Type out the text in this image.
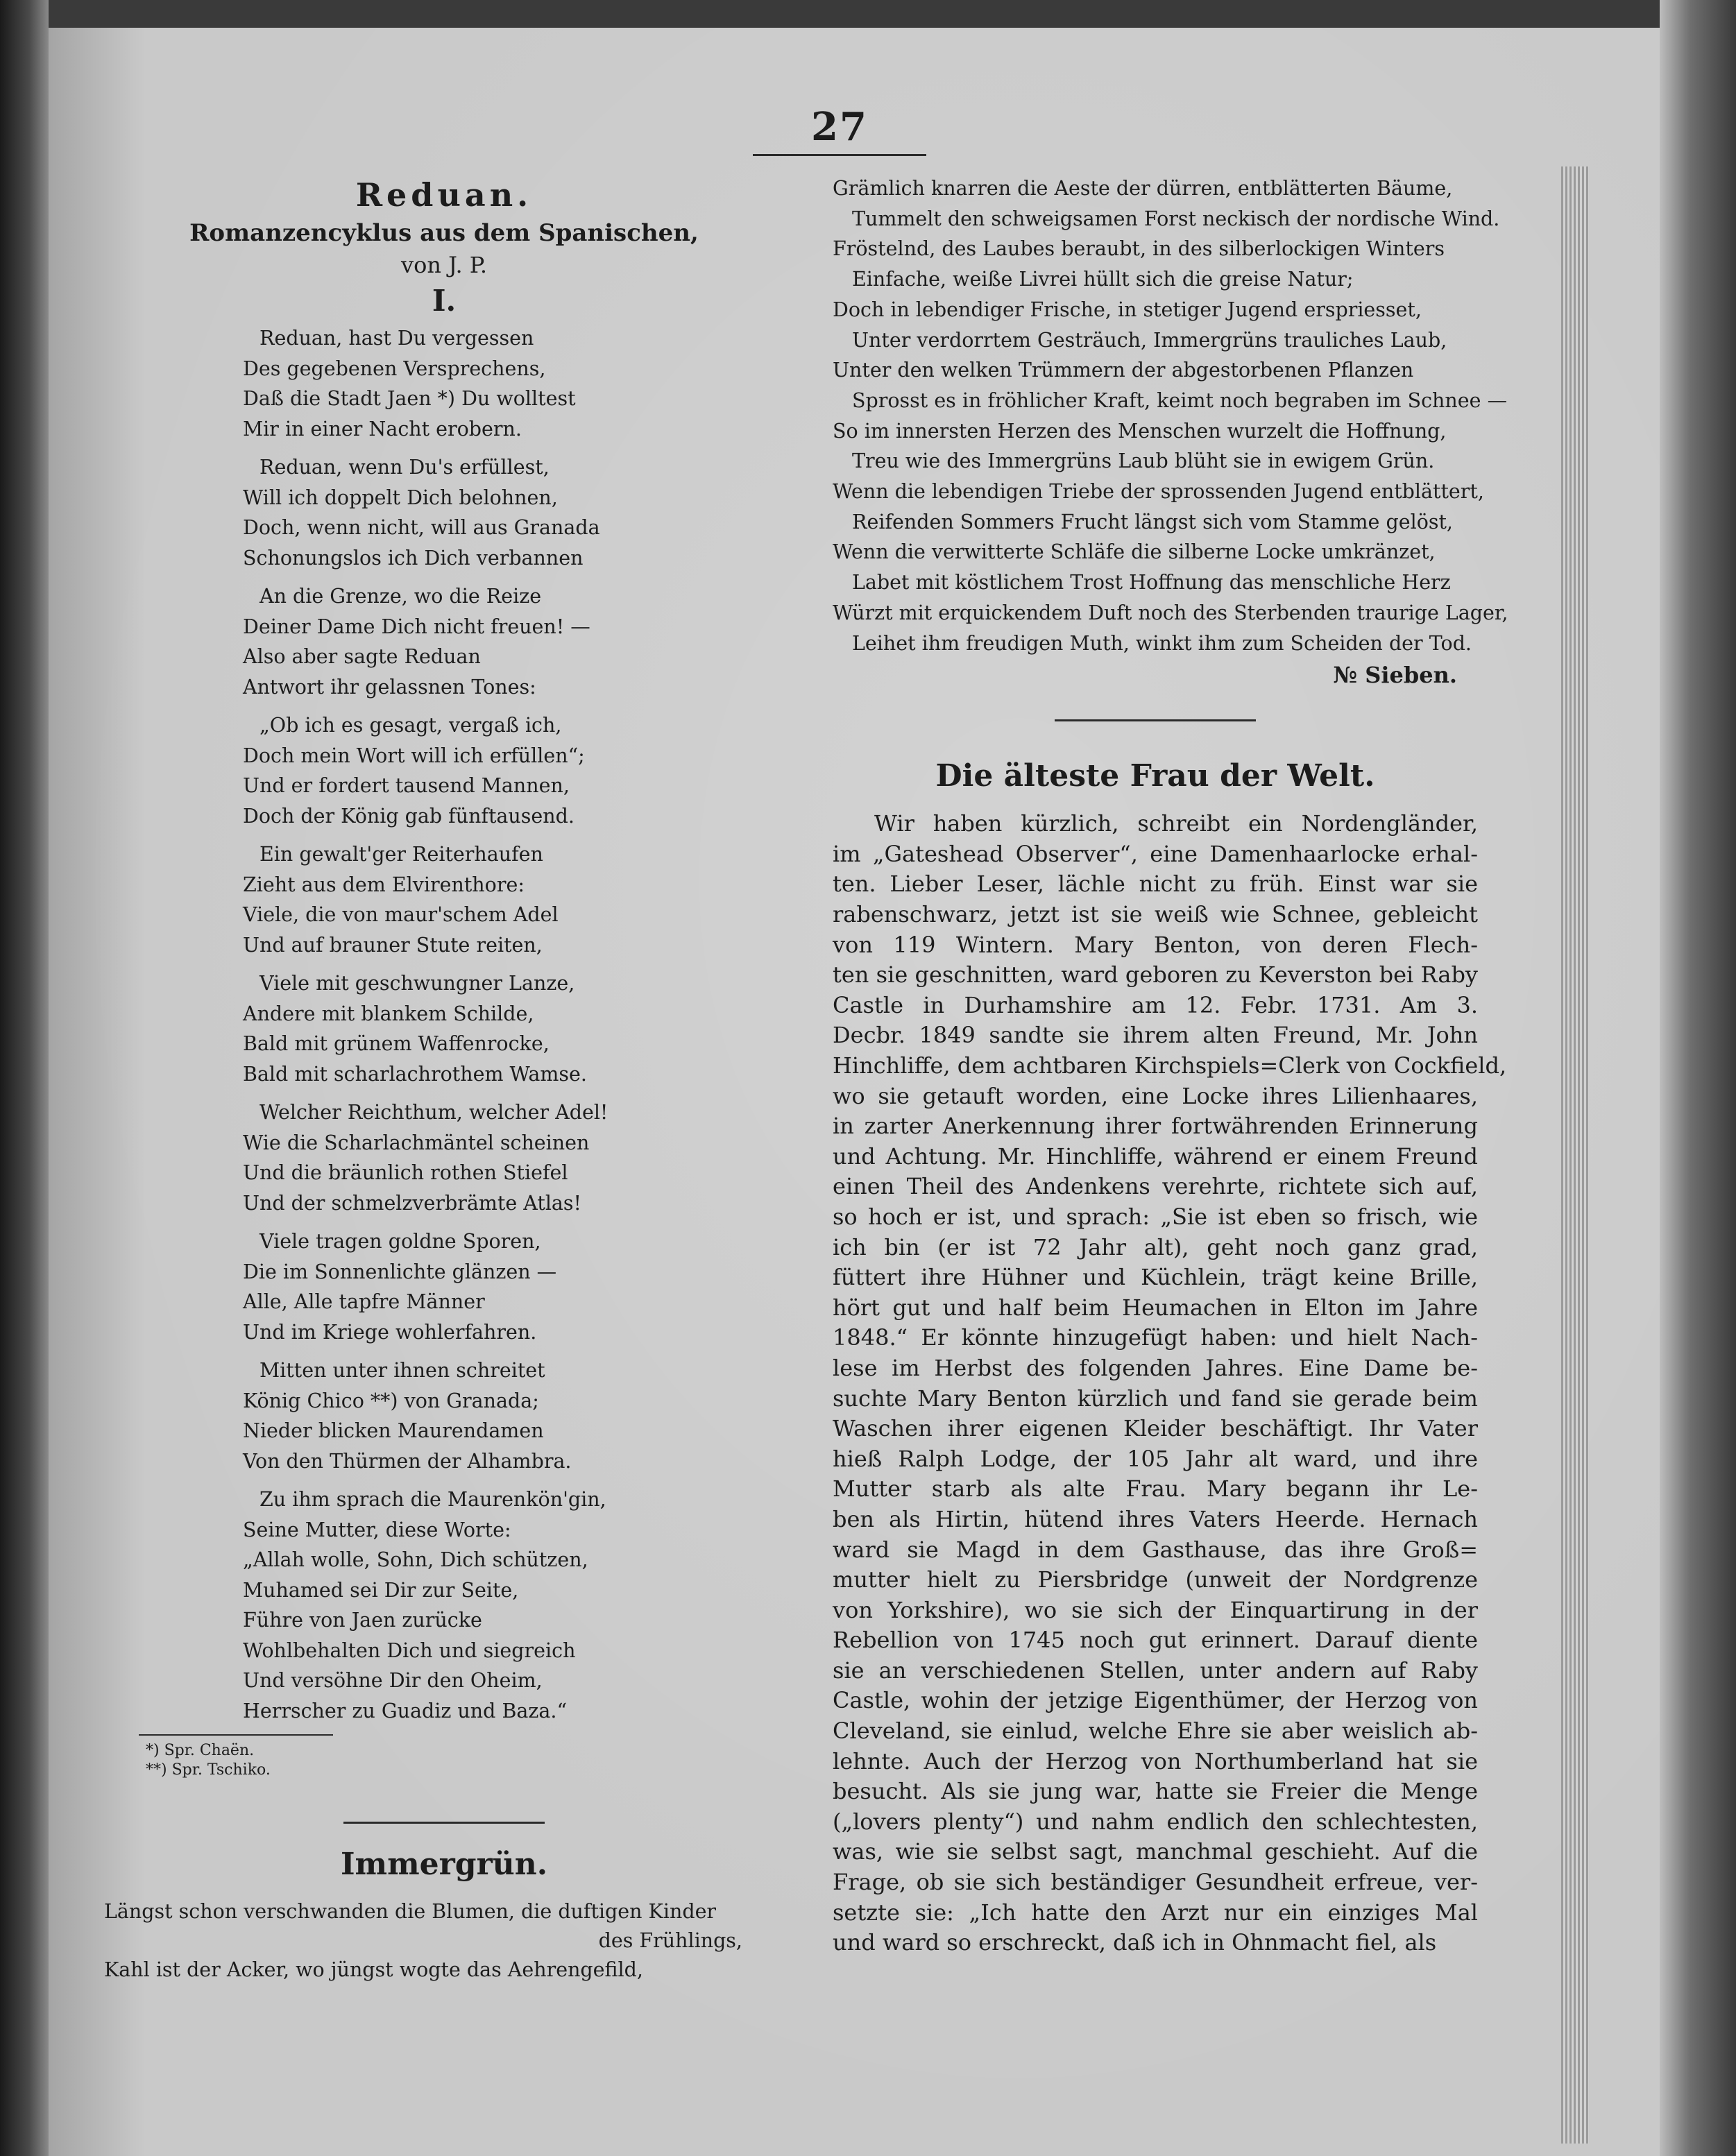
27
Reduan.

Romanzencyklus aus dem Spanischen,

von J. P.

I.

Reduan, hast Du vergessen
Des gegebenen Versprechens,
Daß die Stadt Jaen *) Du wolltest
Mir in einer Nacht erobern.
Reduan, wenn Du's erfüllest,
Will ich doppelt Dich belohnen,
Doch, wenn nicht, will aus Granada
Schonungslos ich Dich verbannen
An die Grenze, wo die Reize
Deiner Dame Dich nicht freuen! —
Also aber sagte Reduan
Antwort ihr gelassnen Tones:
„Ob ich es gesagt, vergaß ich,
Doch mein Wort will ich erfüllen“;
Und er fordert tausend Mannen,
Doch der König gab fünftausend.
Ein gewalt'ger Reiterhaufen
Zieht aus dem Elvirenthore:
Viele, die von maur'schem Adel
Und auf brauner Stute reiten,
Viele mit geschwungner Lanze,
Andere mit blankem Schilde,
Bald mit grünem Waffenrocke,
Bald mit scharlachrothem Wamse.
Welcher Reichthum, welcher Adel!
Wie die Scharlachmäntel scheinen
Und die bräunlich rothen Stiefel
Und der schmelzverbrämte Atlas!
Viele tragen goldne Sporen,
Die im Sonnenlichte glänzen —
Alle, Alle tapfre Männer
Und im Kriege wohlerfahren.
Mitten unter ihnen schreitet
König Chico **) von Granada;
Nieder blicken Maurendamen
Von den Thürmen der Alhambra.
Zu ihm sprach die Maurenkön'gin,
Seine Mutter, diese Worte:
„Allah wolle, Sohn, Dich schützen,
Muhamed sei Dir zur Seite,
Führe von Jaen zurücke
Wohlbehalten Dich und siegreich
Und versöhne Dir den Oheim,
Herrscher zu Guadiz und Baza.“
*) Spr. Chaën.
**) Spr. Tschiko.
Immergrün.
Längst schon verschwanden die Blumen, die duftigen Kinder
des Frühlings,
Kahl ist der Acker, wo jüngst wogte das Aehrengefild,
Grämlich knarren die Aeste der dürren, entblätterten Bäume,
Tummelt den schweigsamen Forst neckisch der nordische Wind.
Fröstelnd, des Laubes beraubt, in des silberlockigen Winters
Einfache, weiße Livrei hüllt sich die greise Natur;
Doch in lebendiger Frische, in stetiger Jugend erspriesset,
Unter verdorrtem Gesträuch, Immergrüns trauliches Laub,
Unter den welken Trümmern der abgestorbenen Pflanzen
Sprosst es in fröhlicher Kraft, keimt noch begraben im Schnee —
So im innersten Herzen des Menschen wurzelt die Hoffnung,
Treu wie des Immergrüns Laub blüht sie in ewigem Grün.
Wenn die lebendigen Triebe der sprossenden Jugend entblättert,
Reifenden Sommers Frucht längst sich vom Stamme gelöst,
Wenn die verwitterte Schläfe die silberne Locke umkränzet,
Labet mit köstlichem Trost Hoffnung das menschliche Herz
Würzt mit erquickendem Duft noch des Sterbenden traurige Lager,
Leihet ihm freudigen Muth, winkt ihm zum Scheiden der Tod.
№ Sieben.
Die älteste Frau der Welt.
Wir haben kürzlich, schreibt ein Nordengländer,
im „Gateshead Observer“, eine Damenhaarlocke erhal-
ten. Lieber Leser, lächle nicht zu früh. Einst war sie
rabenschwarz, jetzt ist sie weiß wie Schnee, gebleicht
von 119 Wintern. Mary Benton, von deren Flech-
ten sie geschnitten, ward geboren zu Keverston bei Raby
Castle in Durhamshire am 12. Febr. 1731. Am 3.
Decbr. 1849 sandte sie ihrem alten Freund, Mr. John
Hinchliffe, dem achtbaren Kirchspiels=Clerk von Cockfield,
wo sie getauft worden, eine Locke ihres Lilienhaares,
in zarter Anerkennung ihrer fortwährenden Erinnerung
und Achtung. Mr. Hinchliffe, während er einem Freund
einen Theil des Andenkens verehrte, richtete sich auf,
so hoch er ist, und sprach: „Sie ist eben so frisch, wie
ich bin (er ist 72 Jahr alt), geht noch ganz grad,
füttert ihre Hühner und Küchlein, trägt keine Brille,
hört gut und half beim Heumachen in Elton im Jahre
1848.“ Er könnte hinzugefügt haben: und hielt Nach-
lese im Herbst des folgenden Jahres. Eine Dame be-
suchte Mary Benton kürzlich und fand sie gerade beim
Waschen ihrer eigenen Kleider beschäftigt. Ihr Vater
hieß Ralph Lodge, der 105 Jahr alt ward, und ihre
Mutter starb als alte Frau. Mary begann ihr Le-
ben als Hirtin, hütend ihres Vaters Heerde. Hernach
ward sie Magd in dem Gasthause, das ihre Groß=
mutter hielt zu Piersbridge (unweit der Nordgrenze
von Yorkshire), wo sie sich der Einquartirung in der
Rebellion von 1745 noch gut erinnert. Darauf diente
sie an verschiedenen Stellen, unter andern auf Raby
Castle, wohin der jetzige Eigenthümer, der Herzog von
Cleveland, sie einlud, welche Ehre sie aber weislich ab-
lehnte. Auch der Herzog von Northumberland hat sie
besucht. Als sie jung war, hatte sie Freier die Menge
(„lovers plenty“) und nahm endlich den schlechtesten,
was, wie sie selbst sagt, manchmal geschieht. Auf die
Frage, ob sie sich beständiger Gesundheit erfreue, ver-
setzte sie: „Ich hatte den Arzt nur ein einziges Mal
und ward so erschreckt, daß ich in Ohnmacht fiel, als
